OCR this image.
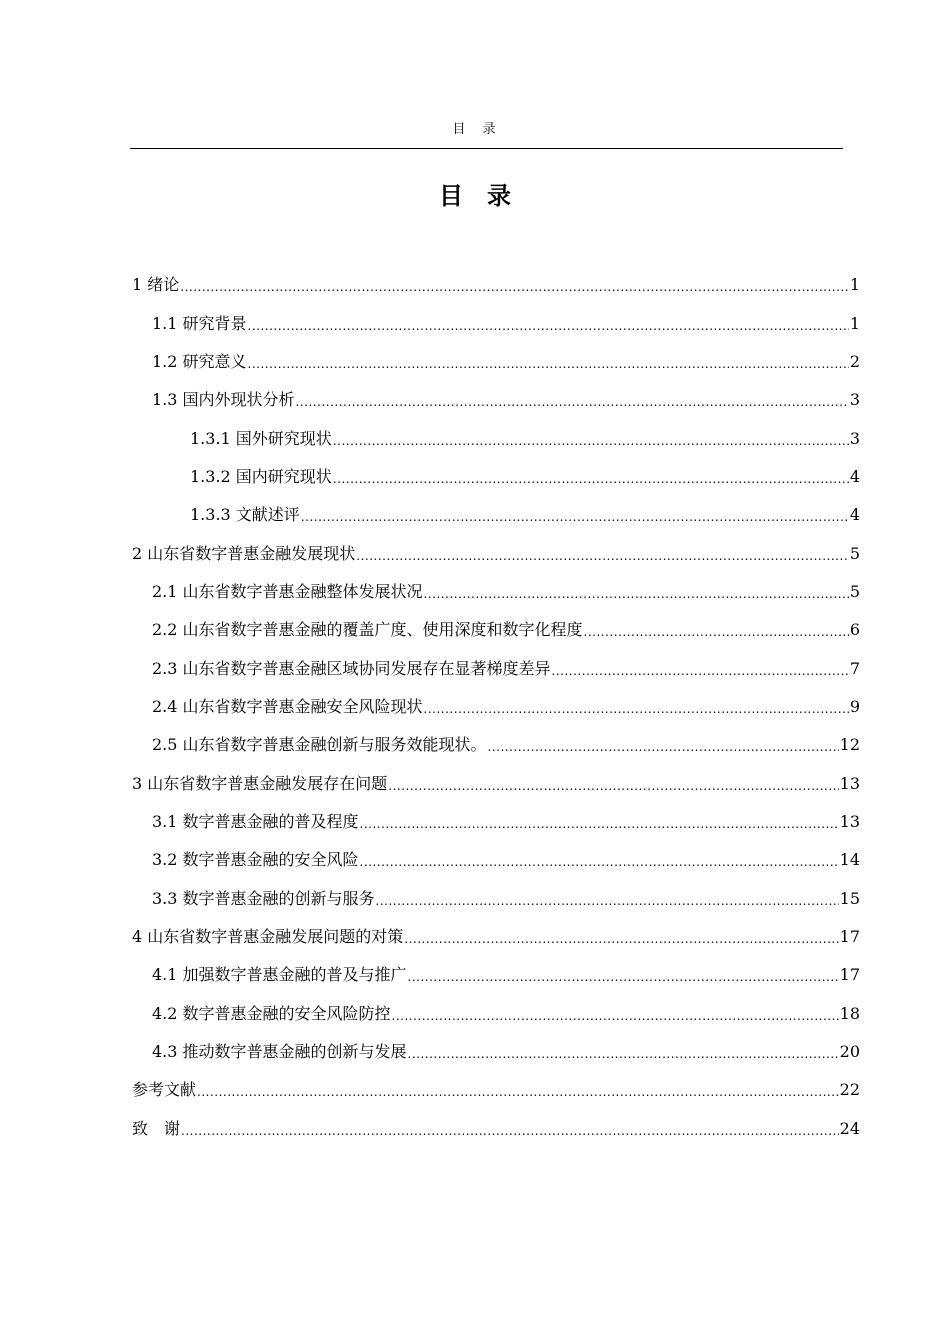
目　录
目　录
1 绪论 .....	1
1.1 研究背景 .....	1
1.2 研究意义 .....	2
1.3 国内外现状分析 .....	3
1.3.1 国外研究现状 .....	3
1.3.2 国内研究现状 .....	4
1.3.3 文献述评 .....	4
2 山东省数字普惠金融发展现状 .....	5
2.1 山东省数字普惠金融整体发展状况 .....	5
2.2 山东省数字普惠金融的覆盖广度、使用深度和数字化程度 .....	6
2.3 山东省数字普惠金融区域协同发展存在显著梯度差异 .....	7
2.4 山东省数字普惠金融安全风险现状 .....	9
2.5 山东省数字普惠金融创新与服务效能现状。 .....	12
3 山东省数字普惠金融发展存在问题 .....	13
3.1 数字普惠金融的普及程度 .....	13
3.2 数字普惠金融的安全风险 .....	14
3.3 数字普惠金融的创新与服务 .....	15
4 山东省数字普惠金融发展问题的对策 .....	17
4.1 加强数字普惠金融的普及与推广 .....	17
4.2 数字普惠金融的安全风险防控 .....	18
4.3 推动数字普惠金融的创新与发展 .....	20
参考文献 .....	22
致　谢 .....	24
